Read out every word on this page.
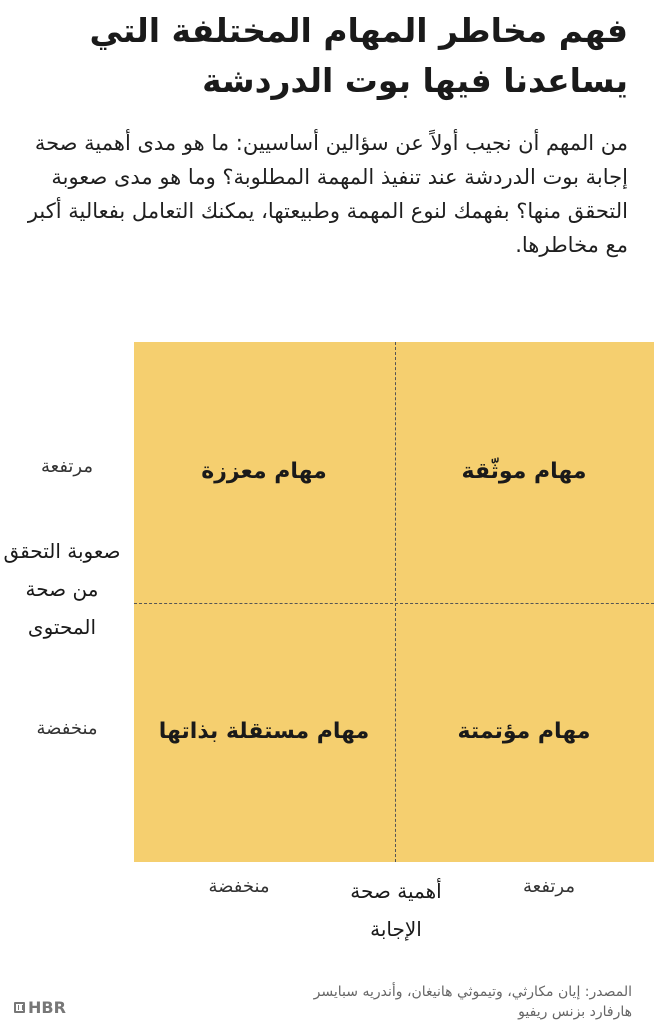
فهم مخاطر المهام المختلفة التي يساعدنا فيها بوت الدردشة

من المهم أن نجيب أولاً عن سؤالين أساسيين: ما هو مدى أهمية صحة إجابة بوت الدردشة عند تنفيذ المهمة المطلوبة؟ وما هو مدى صعوبة التحقق منها؟ بفهمك لنوع المهمة وطبيعتها، يمكنك التعامل بفعالية أكبر مع مخاطرها.

مرتفعة
صعوبة التحقق من صحة المحتوى
منخفضة
مهام موثّقة
مهام معززة
مهام مؤتمتة
مهام مستقلة بذاتها
مرتفعة
أهمية صحة الإجابة
منخفضة
المصدر: إيان مكارثي، وتيموثي هانيغان، وأندريه سبايسر
هارفارد بزنس ريفيو
HBR
